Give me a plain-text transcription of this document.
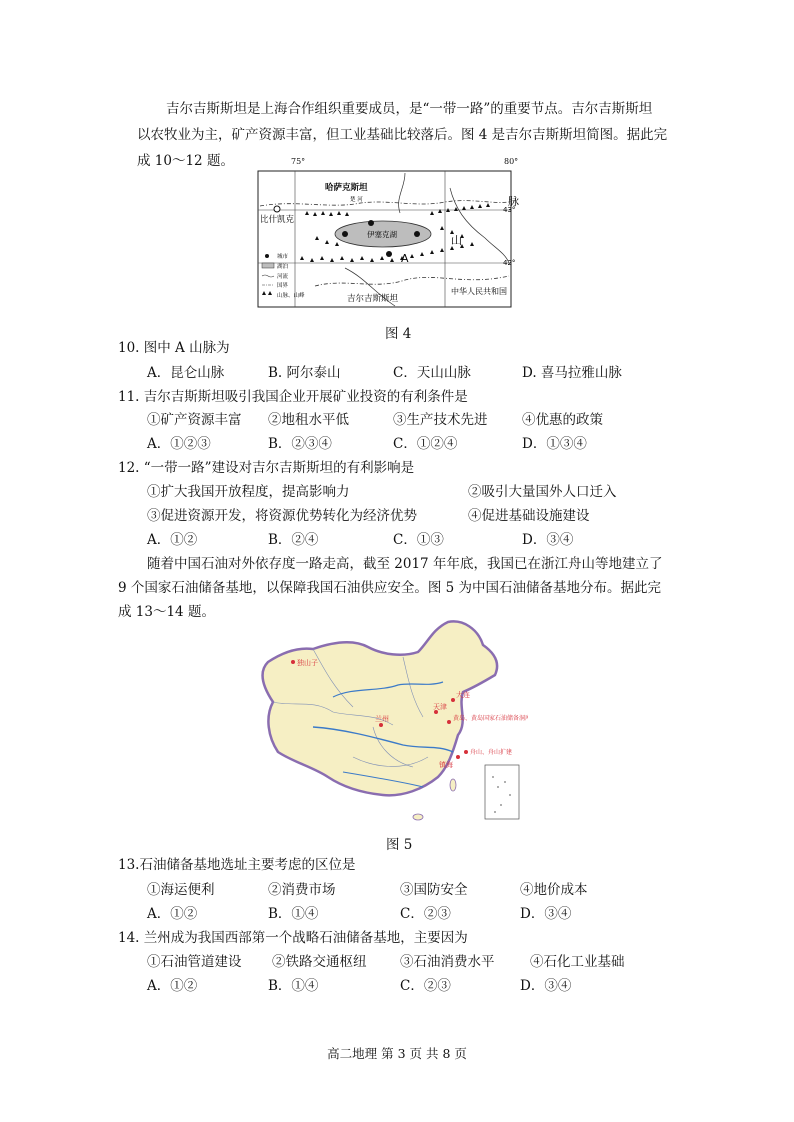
吉尔吉斯斯坦是上海合作组织重要成员，是“一带一路”的重要节点。吉尔吉斯斯坦
以农牧业为主，矿产资源丰富，但工业基础比较落后。图 4 是吉尔吉斯斯坦简图。据此完
成 10～12 题。
43°
42°
伊塞克湖
哈萨克斯坦
楚 河
比什凯克
山
A
脉
吉尔吉斯斯坦
中华人民共和国
城市
湖泊
河流
国界
山脉、山峰
75°	80°
图 4
10. 图中 A 山脉为
A．昆仑山脉	B. 阿尔泰山	C．天山山脉	D. 喜马拉雅山脉
11. 吉尔吉斯斯坦吸引我国企业开展矿业投资的有利条件是
①矿产资源丰富 ②地租水平低	③生产技术先进	④优惠的政策
A．①②③	B．②③④	C．①②④	D．①③④
12. “一带一路”建设对吉尔吉斯斯坦的有利影响是
①扩大我国开放程度，提高影响力	②吸引大量国外人口迁入
③促进资源开发，将资源优势转化为经济优势	④促进基础设施建设
A．①②	B．②④	C．①③	D．③④
随着中国石油对外依存度一路走高，截至 2017 年年底，我国已在浙江舟山等地建立了
9 个国家石油储备基地，以保障我国石油供应安全。图 5 为中国石油储备基地分布。据此完
成 13～14 题。
独山子
兰州
天津
大连
黄岛、黄岛国家石油储备洞库
舟山、舟山扩建
镇海
图 5
13.石油储备基地选址主要考虑的区位是
①海运便利	②消费市场	③国防安全	④地价成本
A．①②	B．①④	C．②③	D．③④
14. 兰州成为我国西部第一个战略石油储备基地，主要因为
①石油管道建设 ②铁路交通枢纽 ③石油消费水平	④石化工业基础
A．①②	B．①④	C．②③	D．③④
高二地理 第 3 页 共 8 页
